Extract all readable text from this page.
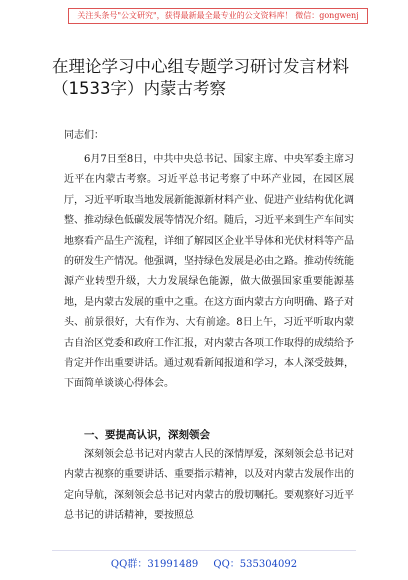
关注头条号"公文研究"，获得最新最全最专业的公文资料库！ 微信：gongwenj
在理论学习中心组专题学习研讨发言材料
（1533字）内蒙古考察
同志们：
6月7日至8日，中共中央总书记、国家主席、中央军委主席习近平在内蒙古考察。习近平总书记考察了中环产业园，在园区展厅，习近平听取当地发展新能源新材料产业、促进产业结构优化调整、推动绿色低碳发展等情况介绍。随后，习近平来到生产车间实地察看产品生产流程，详细了解园区企业半导体和光伏材料等产品的研发生产情况。他强调，坚持绿色发展是必由之路。推动传统能源产业转型升级，大力发展绿色能源，做大做强国家重要能源基地，是内蒙古发展的重中之重。在这方面内蒙古方向明确、路子对头、前景很好，大有作为、大有前途。8日上午，习近平听取内蒙古自治区党委和政府工作汇报，对内蒙古各项工作取得的成绩给予肯定并作出重要讲话。通过观看新闻报道和学习，本人深受鼓舞，下面简单谈谈心得体会。
一、要提高认识，深刻领会
深刻领会总书记对内蒙古人民的深情厚爱，深刻领会总书记对内蒙古视察的重要讲话、重要指示精神，以及对内蒙古发展作出的定向导航，深刻领会总书记对内蒙古的殷切嘱托。要观察好习近平总书记的讲话精神，要按照总
QQ群：31991489 QQ：535304092
